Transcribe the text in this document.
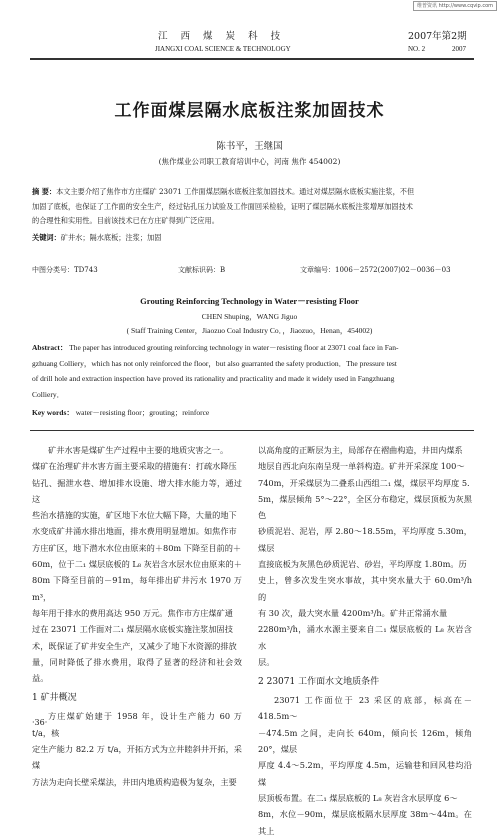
维普资讯 http://www.cqvip.com
江 西 煤 炭 科 技
JIANGXI COAL SCIENCE & TECHNOLOGY
2007年第2期
NO. 2	2007
工作面煤层隔水底板注浆加固技术
陈书平，王继国
(焦作煤业公司职工教育培训中心，河南 焦作 454002)
摘 要：本文主要介绍了焦作市方庄煤矿 23071 工作面煤层隔水底板注浆加固技术。通过对煤层隔水底板实施注浆，不但
加固了底板，也保证了工作面的安全生产，经过钻孔压力试验及工作面回采检验，证明了煤层隔水底板注浆增厚加固技术
的合理性和实用性。目前该技术已在方庄矿得到广泛应用。
关键词：矿井水；隔水底板；注浆；加固
中图分类号：TD743	文献标识码：B	文章编号：1006－2572(2007)02－0036－03
Grouting Reinforcing Technology in Water－resisting Floor
CHEN Shuping，WANG Jiguo
( Staff Training Center，Jiaozuo Coal Industry Co．，Jiaozuo，Henan，454002)
Abstract： The paper has introduced grouting reinforcing technology in water－resisting floor at 23071 coal face in Fan-
gzhuang Colliery，which has not only reinforced the floor，but also guarranted the safety production．The pressure test
of drill hole and extraction inspection have proved its rationality and practicality and made it widely used in Fangzhuang
Colliery．
Key words： water－resisting floor；grouting；reinforce

矿井水害是煤矿生产过程中主要的地质灾害之一。

煤矿在治理矿井水害方面主要采取的措施有：打疏水降压

钻孔、掘泄水巷、增加排水设施、增大排水能力等，通过这

些治水措施的实施，矿区地下水位大幅下降，大量的地下

水变成矿井涌水排出地面，排水费用明显增加。如焦作市

方庄矿区，地下潜水水位由原来的＋80m 下降至目前的＋

60m，位于二₁ 煤层底板的 L₈ 灰岩含水层水位由原来的＋

80m 下降至目前的－91m，每年排出矿井污水 1970 万 m³，

每年用于排水的费用高达 950 万元。焦作市方庄煤矿通

过在 23071 工作面对二₁ 煤层隔水底板实施注浆加固技

术，既保证了矿井安全生产，又减少了地下水资源的排放

量，同时降低了排水费用，取得了显著的经济和社会效益。

1 矿井概况

方庄煤矿始建于 1958 年，设计生产能力 60 万 t/a，核

定生产能力 82.2 万 t/a，开拓方式为立井睦斜井开拓，采煤

方法为走向长壁采煤法，井田内地质构造极为复杂，主要

以高角度的正断层为主，局部存在褶曲构造，井田内煤系

地层自西北向东南呈现一单斜构造。矿井开采深度 100～

740m，开采煤层为二叠系山西组二₁ 煤，煤层平均厚度 5.

5m，煤层倾角 5°～22°，全区分布稳定，煤层顶板为灰黑色

砂质泥岩、泥岩，厚 2.80～18.55m，平均厚度 5.30m，煤层

直接底板为灰黑色砂质泥岩、砂岩，平均厚度 1.80m。历

史上，曾多次发生突水事故，其中突水量大于 60.0m³/h 的

有 30 次，最大突水量 4200m³/h。矿井正常涌水量

2280m³/h，涌水水源主要来自二₁ 煤层底板的 L₈ 灰岩含水

层。

2 23071 工作面水文地质条件

23071 工作面位于 23 采区的底部，标高在－418.5m～

－474.5m 之间，走向长 640m，倾向长 126m，倾角 20°，煤层

厚度 4.4～5.2m，平均厚度 4.5m，运输巷和回风巷均沿煤

层顶板布置。在二₁ 煤层底板的 L₈ 灰岩含水层厚度 6～

8m，水位－90m，煤层底板隔水层厚度 38m～44m。在其上

·36·
